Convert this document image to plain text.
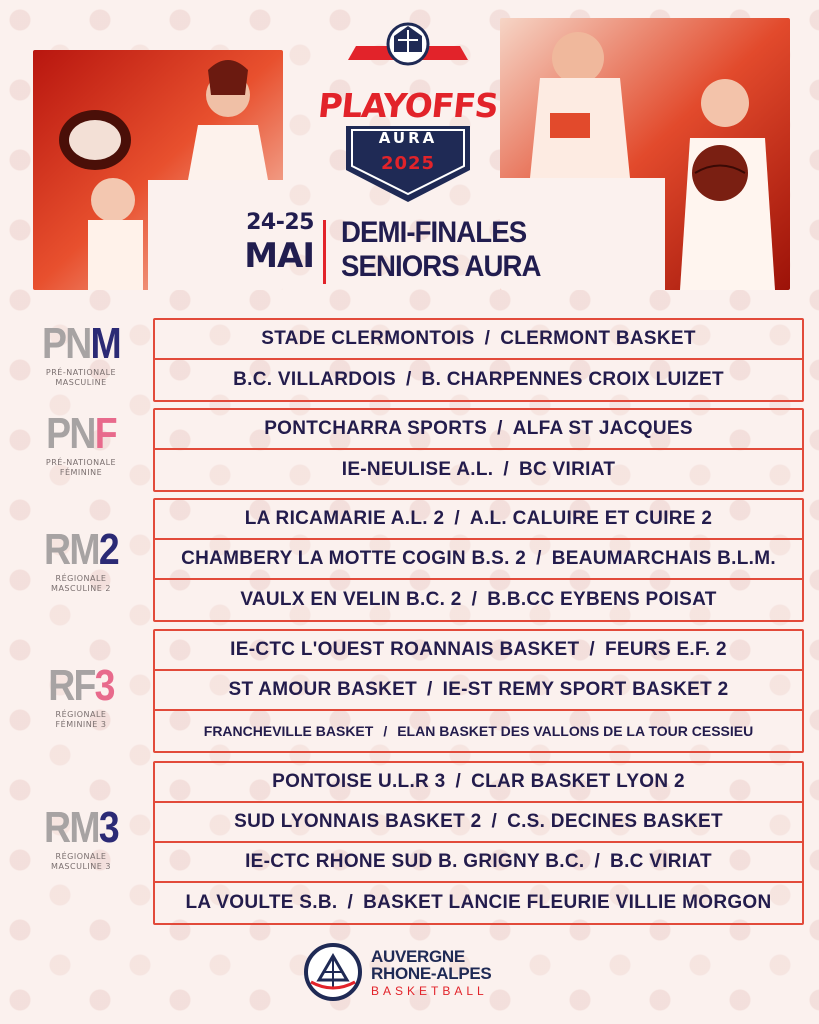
PLAYOFFS
AURA
2025
24-25
MAI
DEMI-FINALES
SENIORS AURA
PNM
PRÉ-NATIONALE
MASCULINE
PNF
PRÉ-NATIONALE
FÉMININE
RM2
RÉGIONALE
MASCULINE 2
RF3
RÉGIONALE
FÉMININE 3
RM3
RÉGIONALE
MASCULINE 3
STADE CLERMONTOIS / CLERMONT BASKET
B.C. VILLARDOIS / B. CHARPENNES CROIX LUIZET
PONTCHARRA SPORTS / ALFA ST JACQUES
IE-NEULISE A.L. / BC VIRIAT
LA RICAMARIE A.L. 2 / A.L. CALUIRE ET CUIRE 2
CHAMBERY LA MOTTE COGIN B.S. 2 / BEAUMARCHAIS B.L.M.
VAULX EN VELIN B.C. 2 / B.B.CC EYBENS POISAT
IE-CTC L'OUEST ROANNAIS BASKET / FEURS E.F. 2
ST AMOUR BASKET / IE-ST REMY SPORT BASKET 2
FRANCHEVILLE BASKET / ELAN BASKET DES VALLONS DE LA TOUR CESSIEU
PONTOISE U.L.R 3 / CLAR BASKET LYON 2
SUD LYONNAIS BASKET 2 / C.S. DECINES BASKET
IE-CTC RHONE SUD B. GRIGNY B.C. / B.C VIRIAT
LA VOULTE S.B. / BASKET LANCIE FLEURIE VILLIE MORGON
AUVERGNE
RHONE-ALPES
BASKETBALL
